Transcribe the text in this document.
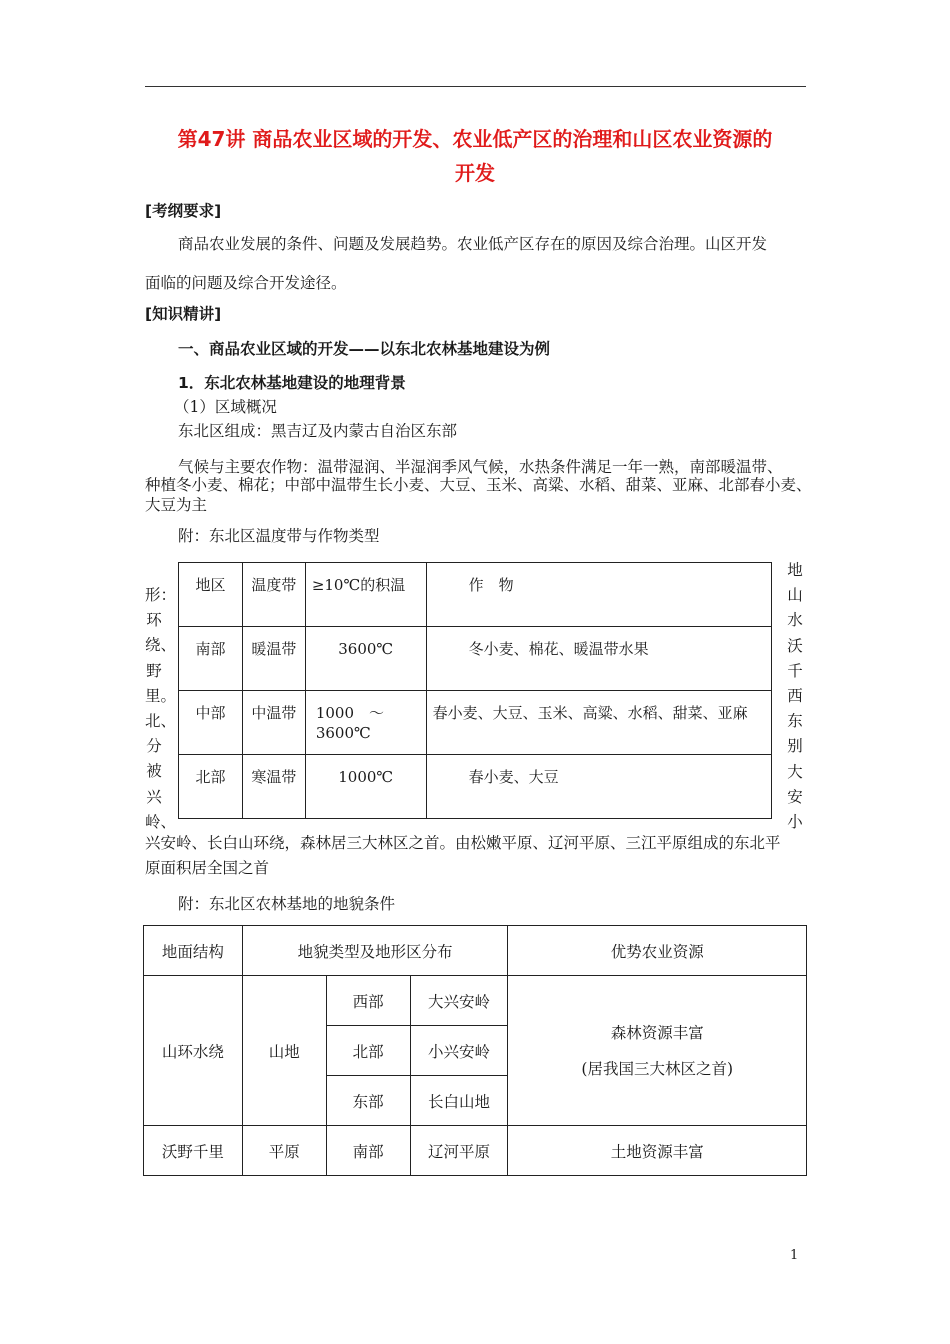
第47讲 商品农业区域的开发、农业低产区的治理和山区农业资源的
开发
[考纲要求]
商品农业发展的条件、问题及发展趋势。农业低产区存在的原因及综合治理。山区开发
面临的问题及综合开发途径。
[知识精讲]
一、商品农业区域的开发——以东北农林基地建设为例
1．东北农林基地建设的地理背景
（1）区域概况
东北区组成：黑吉辽及内蒙古自治区东部
气候与主要农作物：温带湿润、半湿润季风气候，水热条件满足一年一熟，南部暖温带、
种植冬小麦、棉花；中部中温带生长小麦、大豆、玉米、高粱、水稻、甜菜、亚麻、北部春小麦、
大豆为主
附：东北区温度带与作物类型
形：环绕、野里。北、分被兴岭、
地山水沃千西东别大安小
地区	温度带	≥10℃的积温	作　物
南部	暖温带	3600℃	冬小麦、棉花、暖温带水果
中部	中温带	1000　～3600℃	春小麦、大豆、玉米、高粱、水稻、甜菜、亚麻
北部	寒温带	1000℃	春小麦、大豆
兴安岭、长白山环绕，森林居三大林区之首。由松嫩平原、辽河平原、三江平原组成的东北平
原面积居全国之首
附：东北区农林基地的地貌条件
地面结构	地貌类型及地形区分布			优势农业资源
山环水绕	山地	西部	大兴安岭	森林资源丰富
(居我国三大林区之首)

		北部	小兴安岭	
		东部	长白山地	
沃野千里	平原	南部	辽河平原	土地资源丰富
1
